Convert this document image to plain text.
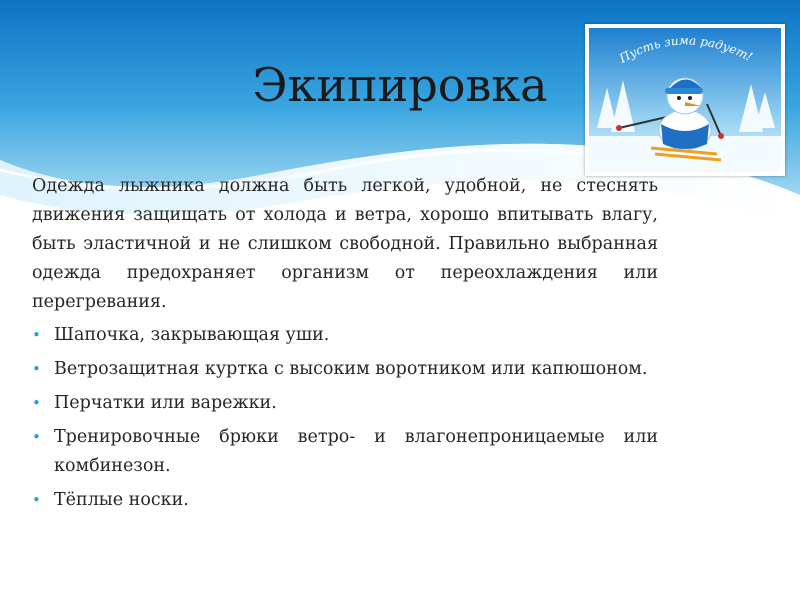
Экипировка
Пусть зима радует!

Одежда лыжника должна быть легкой, удобной, не стеснять движения защищать от холода и ветра, хорошо впитывать влагу, быть эластичной и не слишком свободной. Правильно выбранная одежда предохраняет организм от переохлаждения или перегревания.

• Шапочка, закрывающая уши.
• Ветрозащитная куртка с высоким воротником или капюшоном.
• Перчатки или варежки.
• Тренировочные брюки ветро- и влагонепроницаемые или комбинезон.
• Тёплые носки.
